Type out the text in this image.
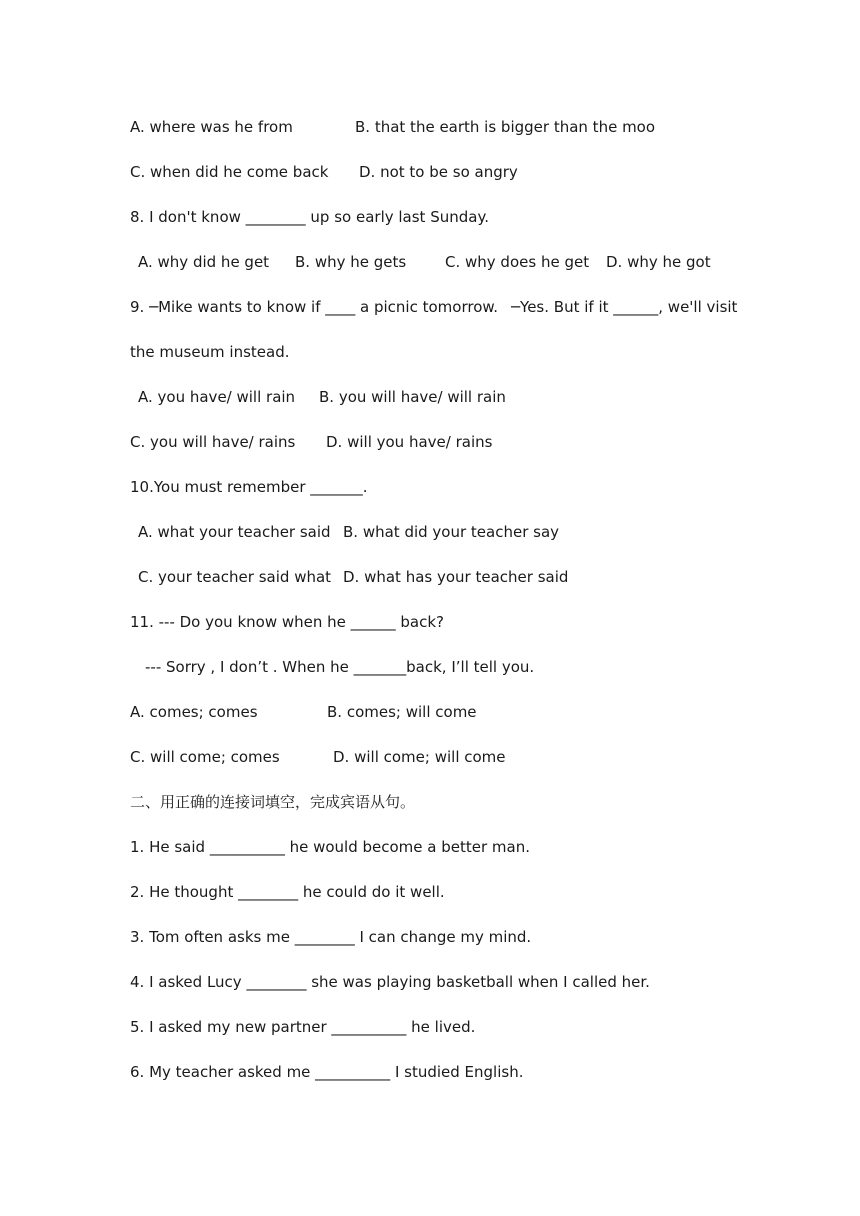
A. where was he from	B. that the earth is bigger than the moo
C. when did he come back D. not to be so angry
8. I don't know ________ up so early last Sunday.
A. why did he get B. why he gets	C. why does he get D. why he got
9. ─Mike wants to know if ____ a picnic tomorrow. ─Yes. But if it ______, we'll visit
the museum instead.
A. you have/ will rain B. you will have/ will rain
C. you will have/ rains D. will you have/ rains
10.You must remember _______.
A. what your teacher said B. what did your teacher say
C. your teacher said what D. what has your teacher said
11. --- Do you know when he ______ back?
--- Sorry , I don’t . When he _______back, I’ll tell you.
A. comes; comes	B. comes; will come
C. will come; comes	D. will come; will come
二、用正确的连接词填空，完成宾语从句。
1. He said __________ he would become a better man.
2. He thought ________ he could do it well.
3. Tom often asks me ________ I can change my mind.
4. I asked Lucy ________ she was playing basketball when I called her.
5. I asked my new partner __________ he lived.
6. My teacher asked me __________ I studied English.
